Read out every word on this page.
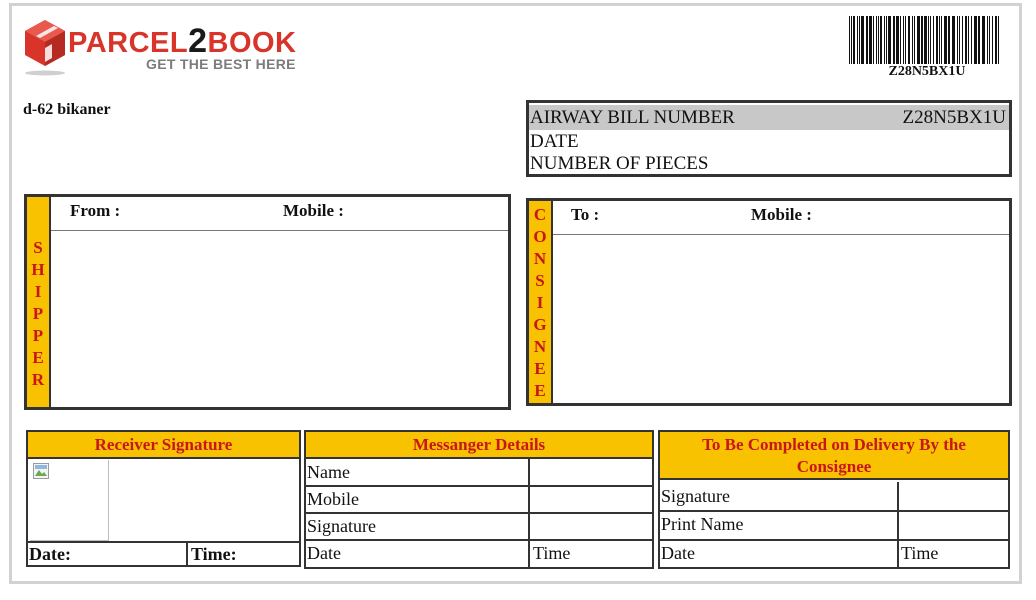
PARCEL2BOOK
GET THE BEST HERE	Z28N5BX1U
d-62 bikaner	AIRWAY BILL NUMBER	Z28N5BX1U
DATE
NUMBER OF PIECES
S
H
I
P
P
E
R
From :	Mobile :	C
O
N
S
I
G
N
E
E
To :	Mobile :
Receiver Signature
Date:	Time:
Messanger Details
Name
Mobile
Signature
Date	Time
To Be Completed on Delivery By the Consignee
Signature
Print Name
Date	Time
